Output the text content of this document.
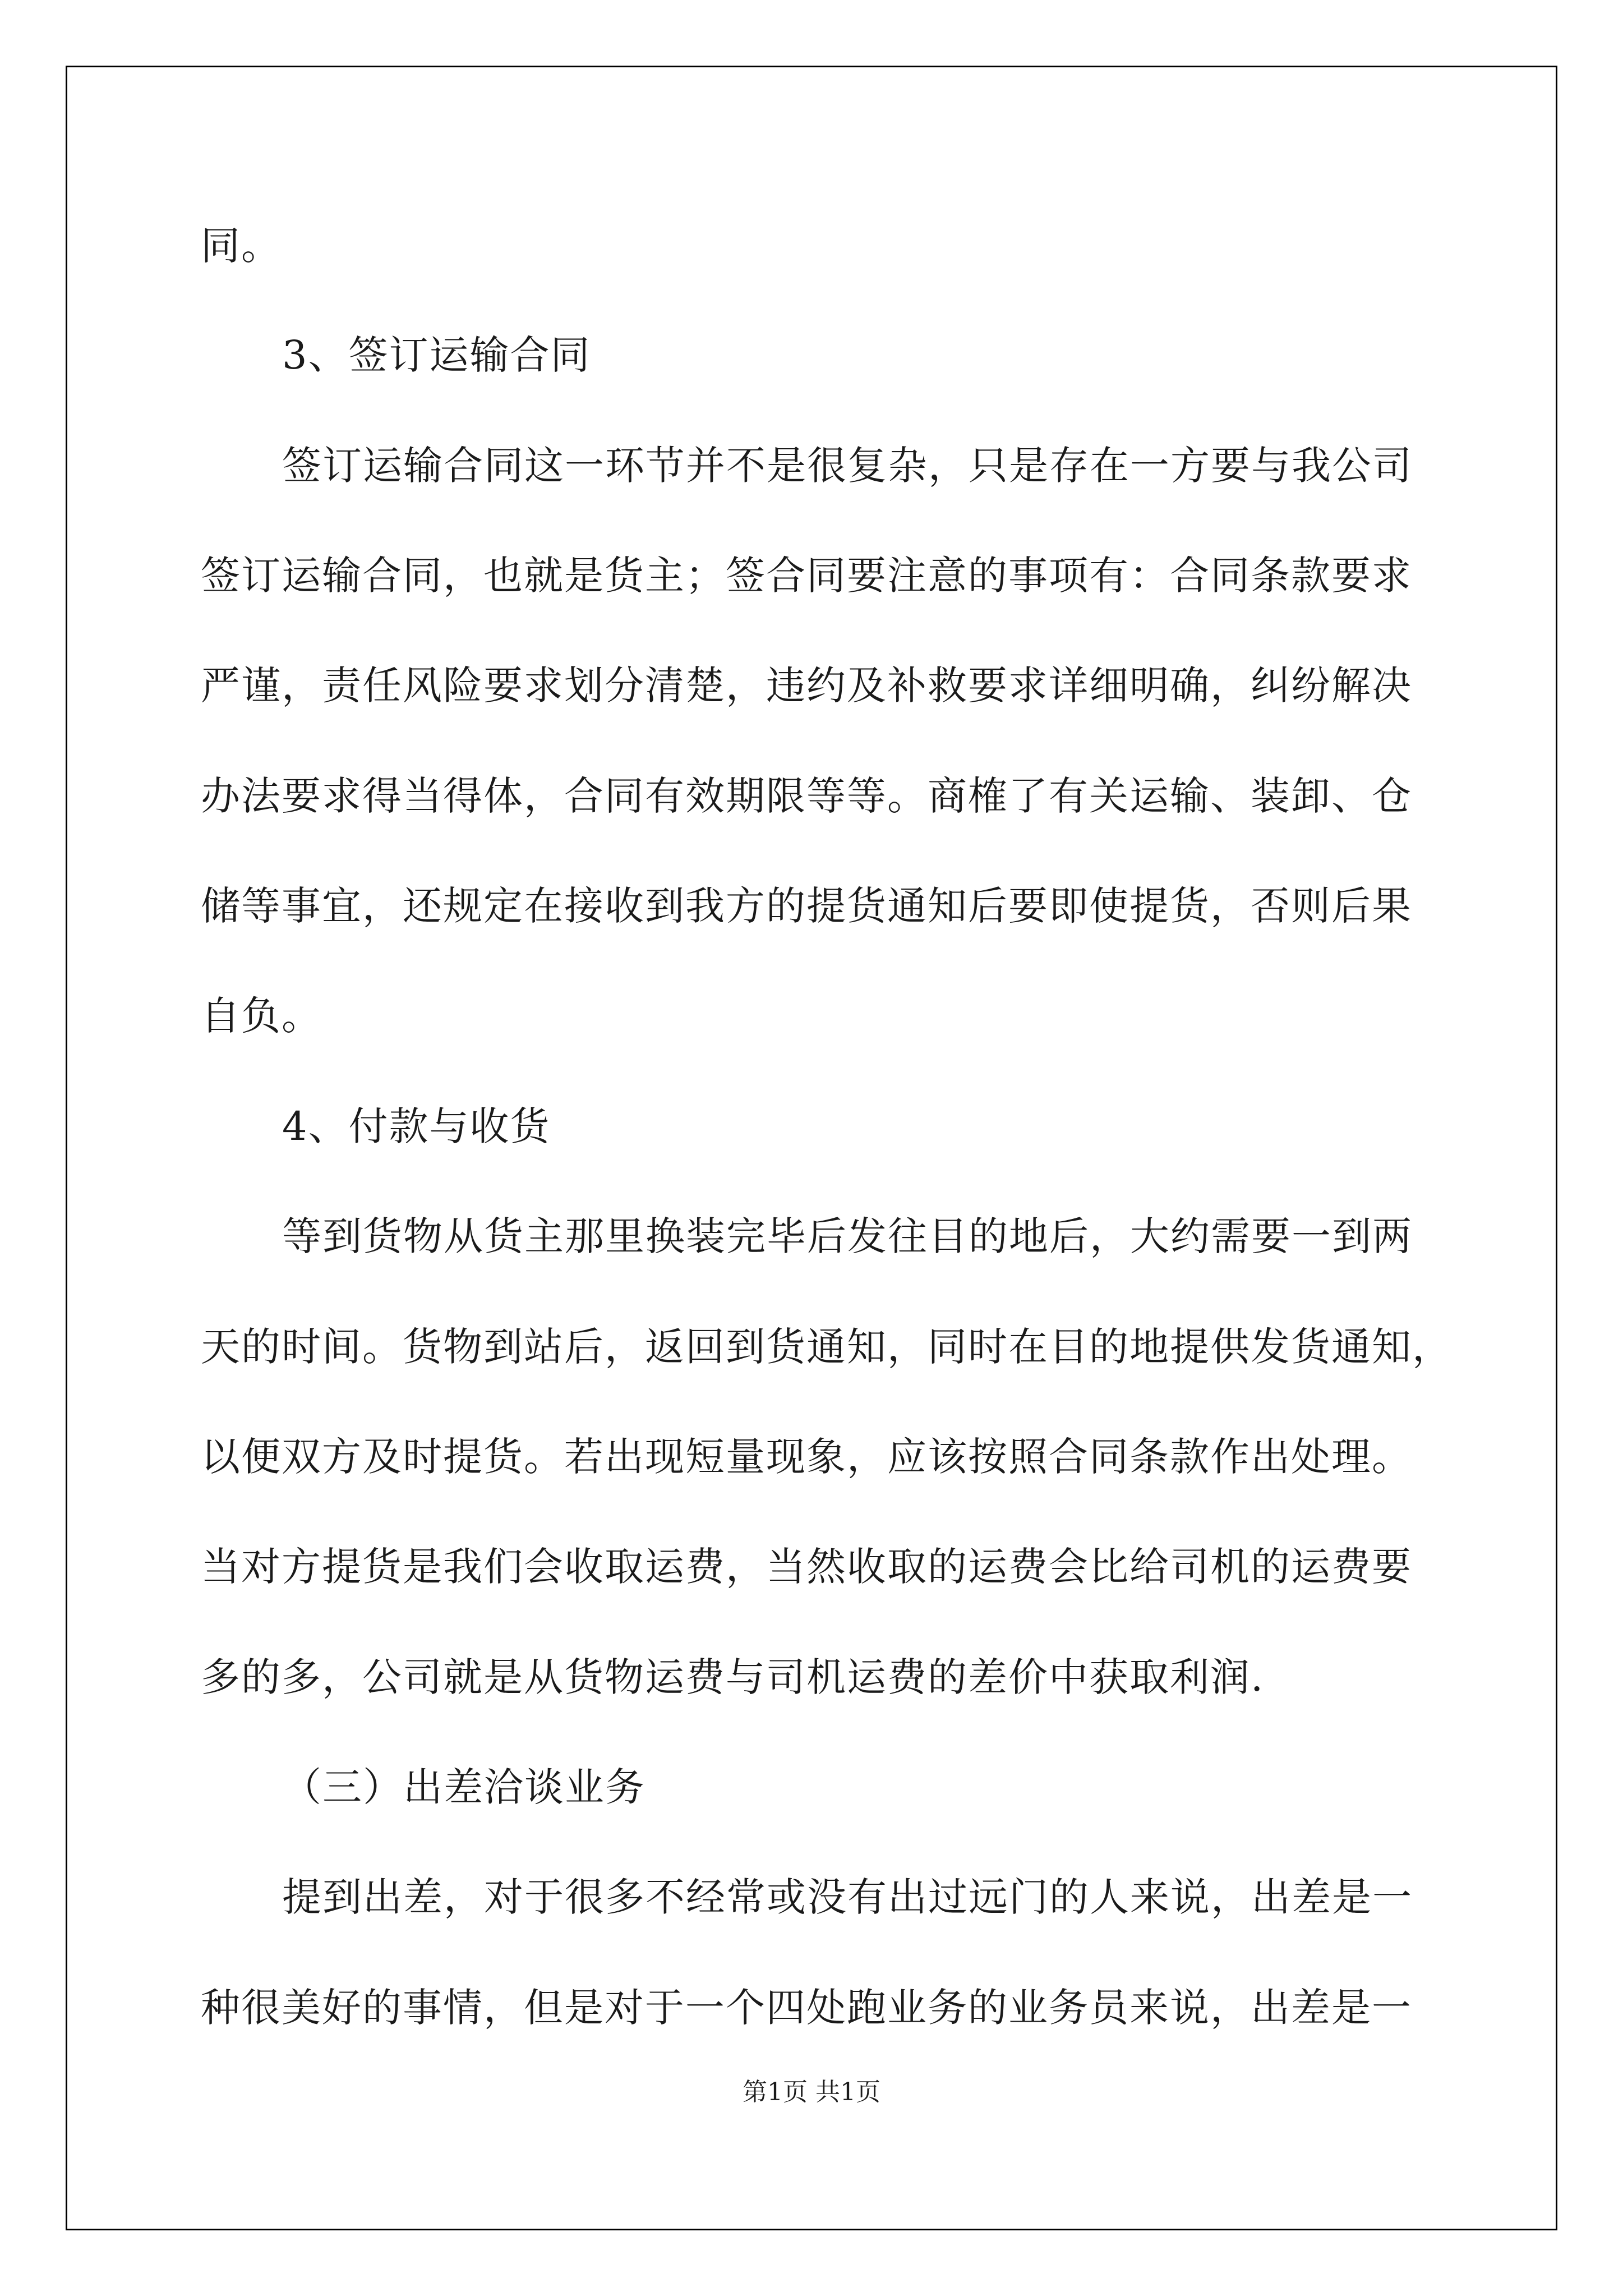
同。
3、签订运输合同
签订运输合同这一环节并不是很复杂，只是存在一方要与我公司
签订运输合同，也就是货主；签合同要注意的事项有：合同条款要求
严谨，责任风险要求划分清楚，违约及补救要求详细明确，纠纷解决
办法要求得当得体，合同有效期限等等。商榷了有关运输、装卸、仓
储等事宜，还规定在接收到我方的提货通知后要即使提货，否则后果
自负。
4、付款与收货
等到货物从货主那里换装完毕后发往目的地后，大约需要一到两
天的时间。货物到站后，返回到货通知，同时在目的地提供发货通知，
以便双方及时提货。若出现短量现象，应该按照合同条款作出处理。
当对方提货是我们会收取运费，当然收取的运费会比给司机的运费要
多的多，公司就是从货物运费与司机运费的差价中获取利润.
（三）出差洽谈业务
提到出差，对于很多不经常或没有出过远门的人来说，出差是一
种很美好的事情，但是对于一个四处跑业务的业务员来说，出差是一
第1页 共1页
